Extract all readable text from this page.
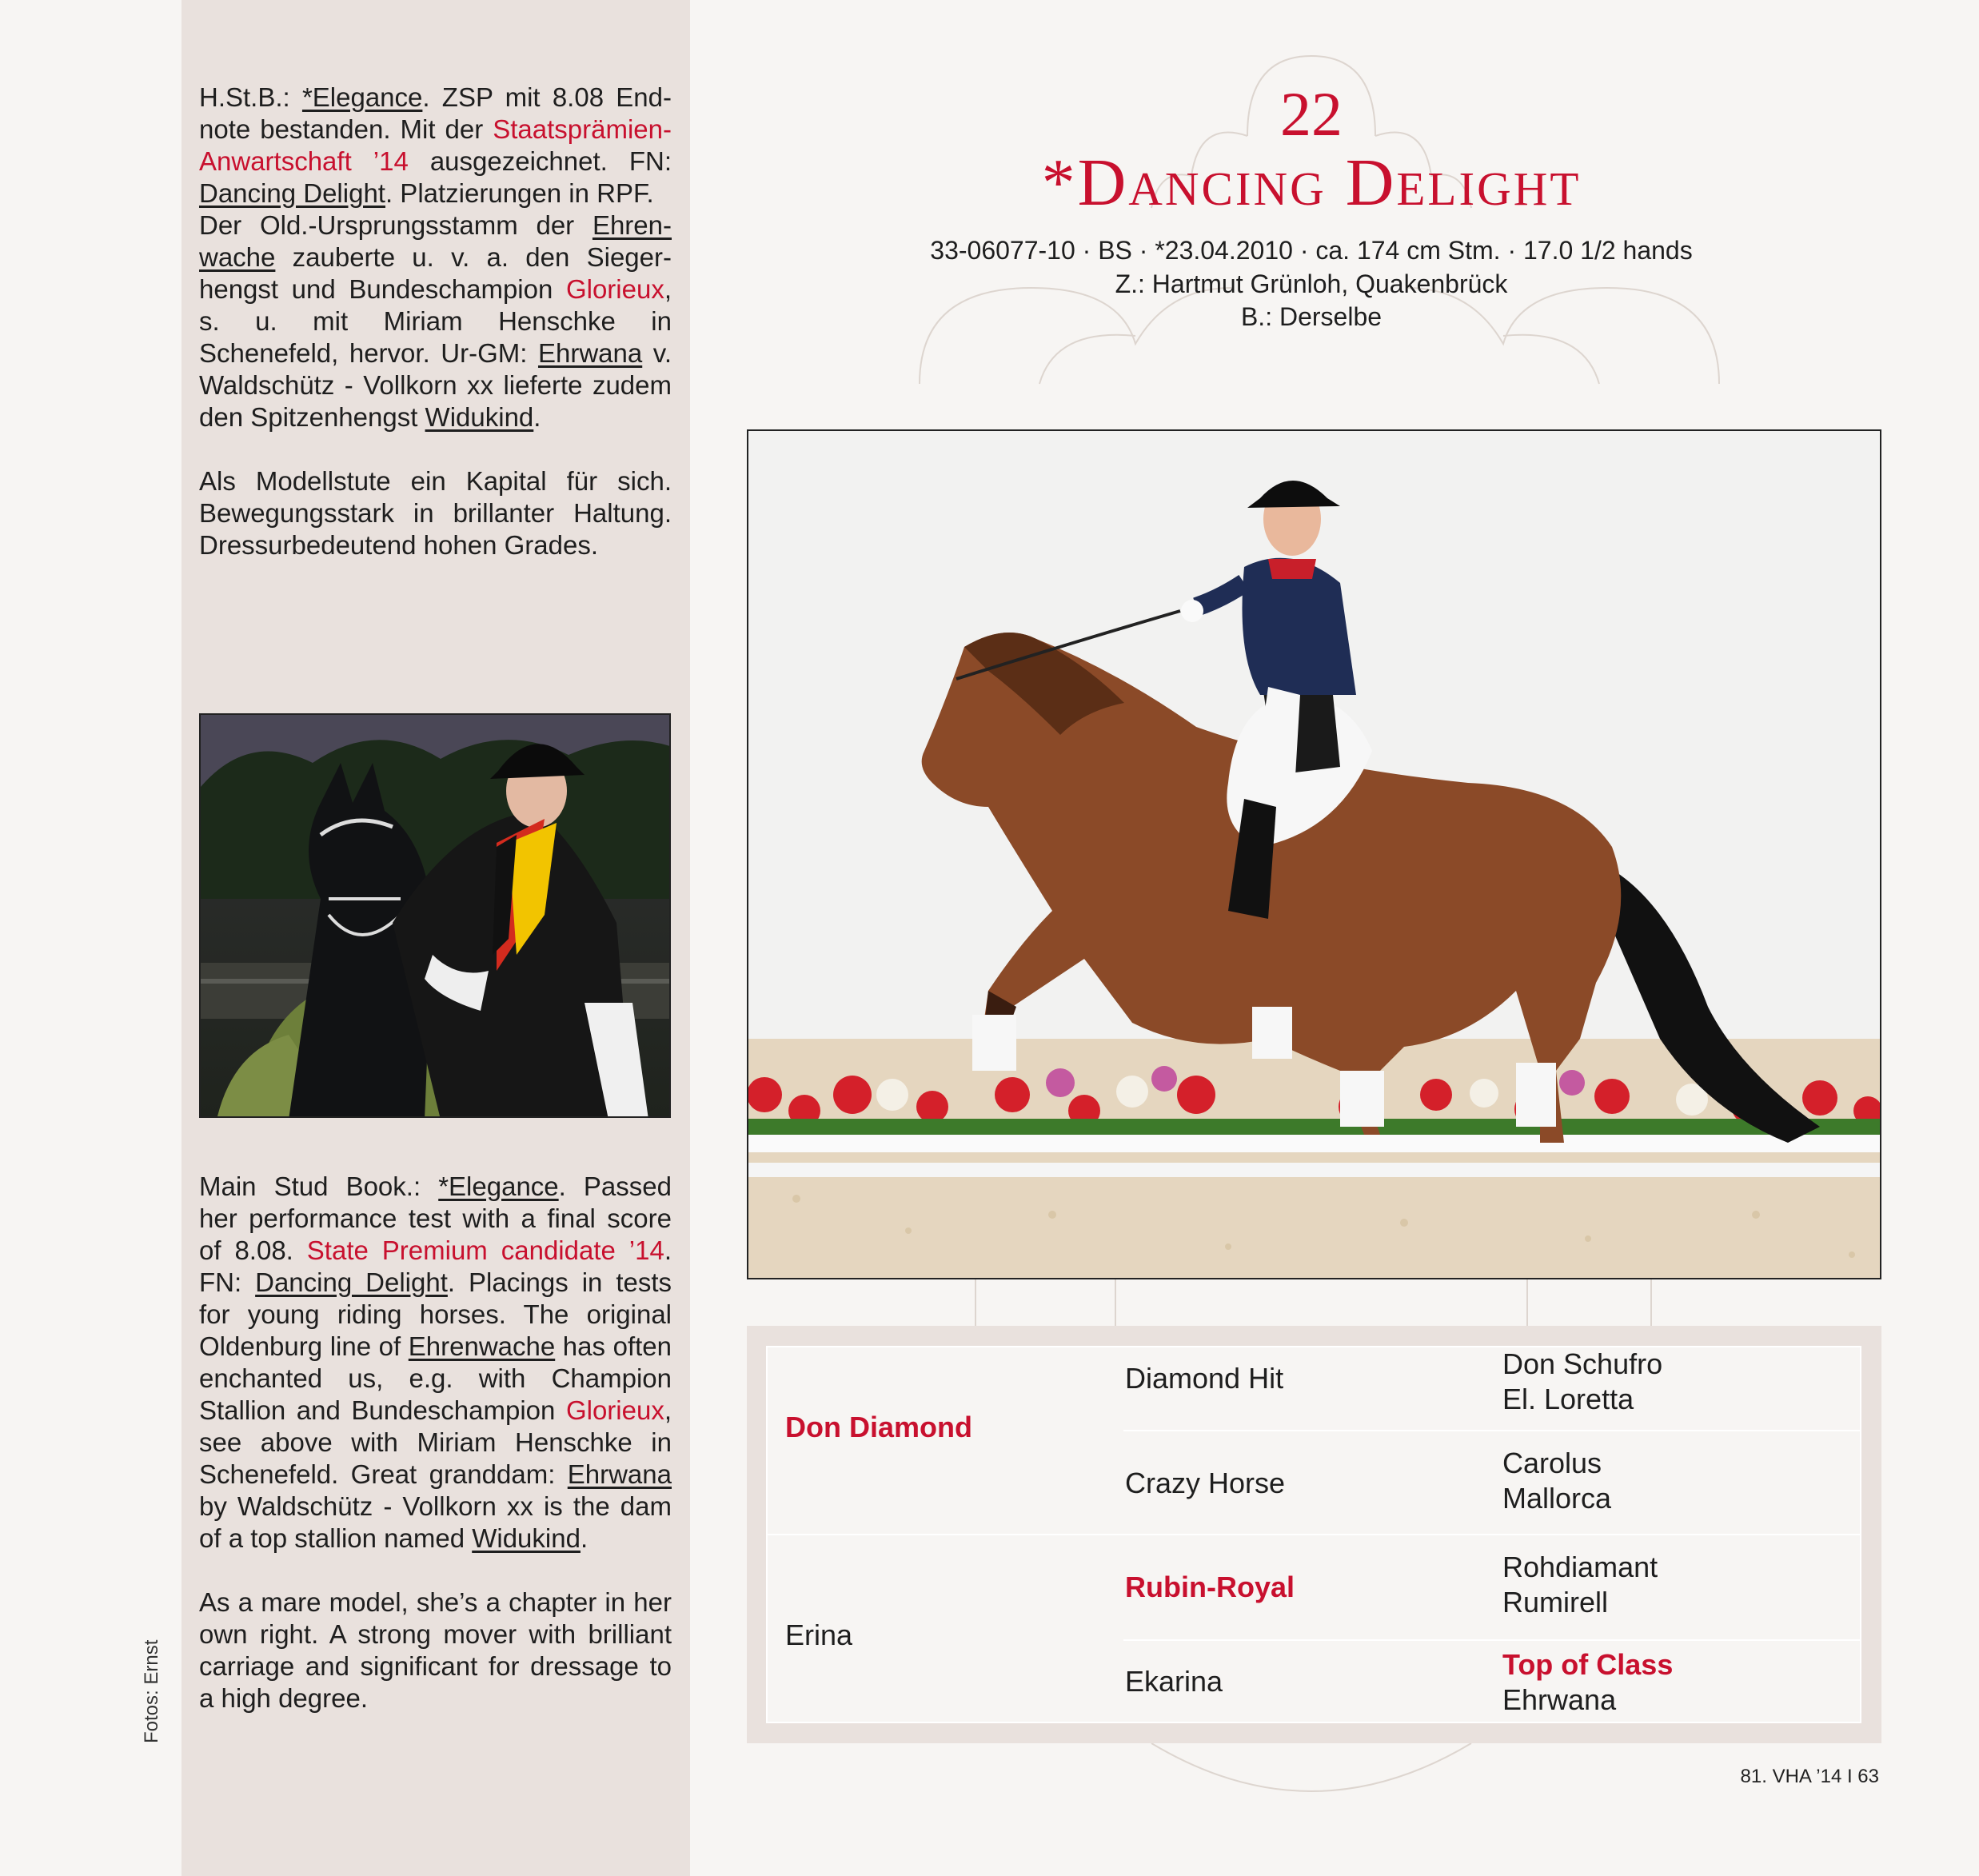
H.St.B.: *Elegance. ZSP mit 8.08 Endnote bestanden. Mit der Staatsprämien-Anwartschaft ’14 ausgezeichnet. FN: Dancing Delight. Platzierungen in RPF.
Der Old.-Ursprungsstamm der Ehrenwache zauberte u. v. a. den Siegerhengst und Bundeschampion Glorieux, s. u. mit Miriam Henschke in Schenefeld, hervor. Ur-GM: Ehrwana v. Waldschütz - Vollkorn xx lieferte zudem den Spitzenhengst Widukind.

Als Modellstute ein Kapital für sich. Bewegungsstark in brillanter Haltung. Dressurbedeutend hohen Grades.

Main Stud Book.: *Elegance. Passed her performance test with a final score of 8.08. State Premium candidate ’14. FN: Dancing Delight. Placings in tests for young riding horses. The original Oldenburg line of Ehrenwache has often enchanted us, e.g. with Champion Stallion and Bundeschampion Glorieux, see above with Miriam Henschke in Schenefeld. Great granddam: Ehrwana by Waldschütz - Vollkorn xx is the dam of a top stallion named Widukind.

As a mare model, she’s a chapter in her own right. A strong mover with brilliant carriage and significant for dressage to a high degree.

Fotos: Ernst
22
*Dancing Delight
33-06077-10 · BS · *23.04.2010 · ca. 174 cm Stm. · 17.0 1/2 hands
Z.: Hartmut Grünloh, Quakenbrück
B.: Derselbe
Don Diamond
Erina
Diamond Hit
Crazy Horse
Rubin-Royal
Ekarina
Don Schufro
El. Loretta
Carolus
Mallorca
Rohdiamant
Rumirell
Top of Class
Ehrwana
81. VHA ’14 I 63
